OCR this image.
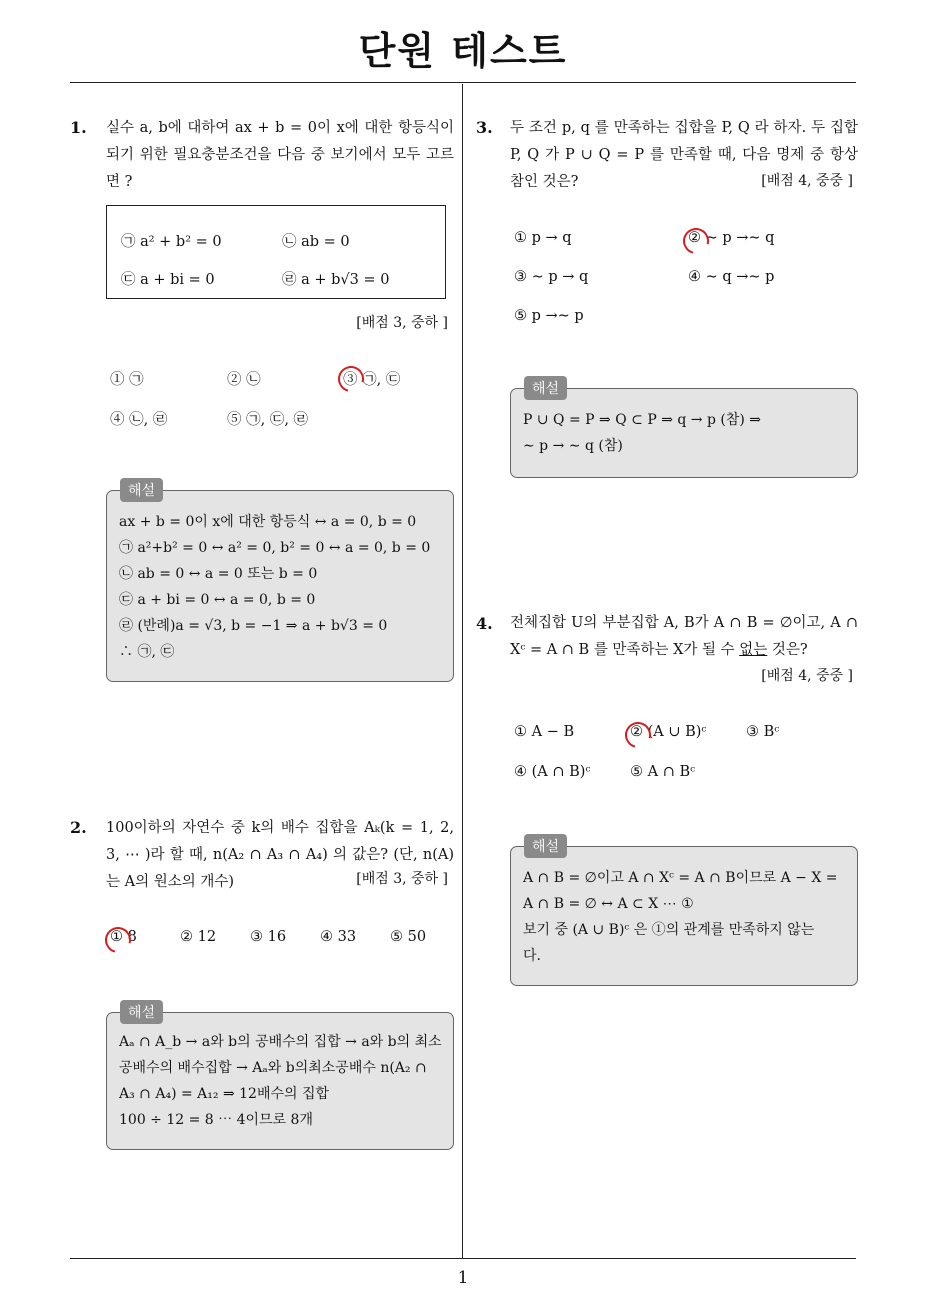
단원 테스트
1
1. 실수 a, b에 대하여 ax + b = 0이 x에 대한 항등식이 되기 위한 필요충분조건을 다음 중 보기에서 모두 고르면 ?
㉠ a² + b² = 0	㉡ ab = 0
㉢ a + bi = 0	㉣ a + b√3 = 0
[배점 3, 중하 ]
① ㉠	② ㉡	③ ㉠, ㉢
④ ㉡, ㉣	⑤ ㉠, ㉢, ㉣
ax + b = 0이 x에 대한 항등식 ↔ a = 0, b = 0
㉠ a²+b² = 0 ↔ a² = 0, b² = 0 ↔ a = 0, b = 0
㉡ ab = 0 ↔ a = 0 또는 b = 0
㉢ a + bi = 0 ↔ a = 0, b = 0
㉣ (반례)a = √3, b = −1 ⇒ a + b√3 = 0
∴ ㉠, ㉢
해설
2. 100이하의 자연수 중 k의 배수 집합을 Aₖ(k = 1, 2, 3, ⋯ )라 할 때, n(A₂ ∩ A₃ ∩ A₄) 의 값은? (단, n(A)는 A의 원소의 개수)	[배점 3, 중하 ]
① 8	② 12 ③ 16 ④ 33 ⑤ 50
Aₐ ∩ A_b → a와 b의 공배수의 집합 → a와 b의 최소공배수의 배수집합 → Aₐ와 b의최소공배수 n(A₂ ∩ A₃ ∩ A₄) = A₁₂ ⇒ 12배수의 집합
100 ÷ 12 = 8 ⋯ 4이므로 8개
해설
3. 두 조건 p, q 를 만족하는 집합을 P, Q 라 하자. 두 집합 P, Q 가 P ∪ Q = P 를 만족할 때, 다음 명제 중 항상 참인 것은?	[배점 4, 중중 ]
① p → q	② ∼ p →∼ q
③ ∼ p → q	④ ∼ q →∼ p
⑤ p →∼ p
P ∪ Q = P ⇒ Q ⊂ P ⇒ q → p (참) ⇒
∼ p → ∼ q (참)
해설
4. 전체집합 U의 부분집합 A, B가 A ∩ B = ∅이고, A ∩ Xᶜ = A ∩ B 를 만족하는 X가 될 수 없는 것은?
[배점 4, 중중 ]
① A − B	② (A ∪ B)ᶜ	③ Bᶜ
④ (A ∩ B)ᶜ	⑤ A ∩ Bᶜ
A ∩ B = ∅이고 A ∩ Xᶜ = A ∩ B이므로 A − X =
A ∩ B = ∅ ↔ A ⊂ X ⋯ ①
보기 중 (A ∪ B)ᶜ 은 ①의 관계를 만족하지 않는
다.
해설
